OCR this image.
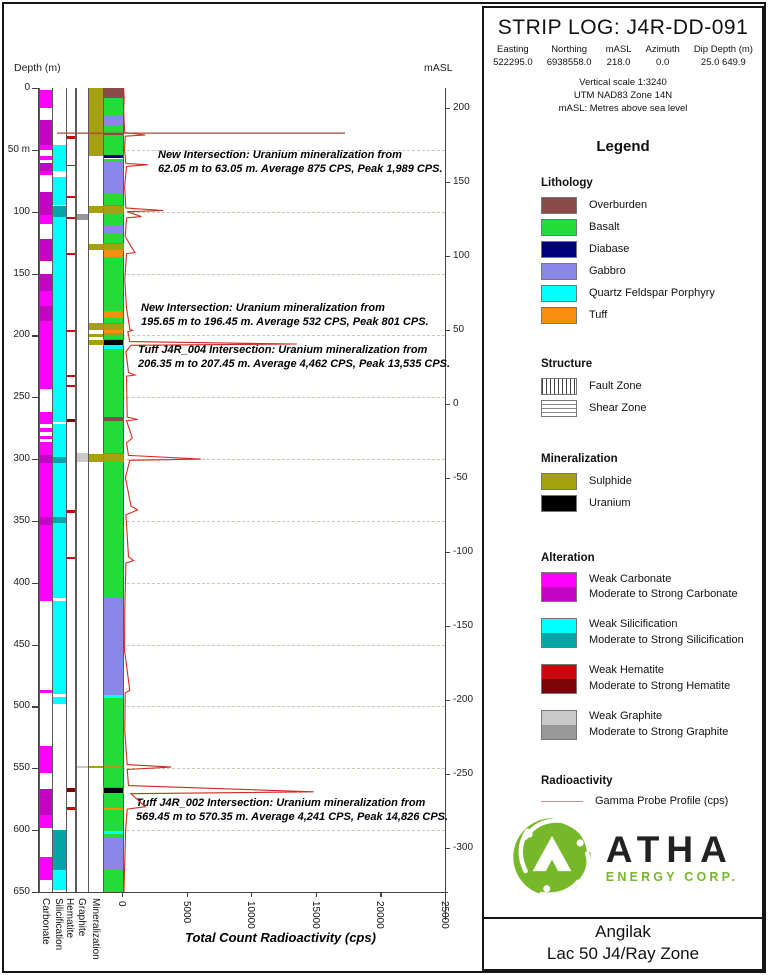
Depth (m)	mASL
0
50 m
100
150
200
250
300
350
400
450
500
550
600
650
200
150
100
50
0
-50
-100
-150
-200
-250
-300
0	5000	10000	15000	20000	25000
Carbonate Silicification Hematite Graphite Mineralization
New Intersection: Uranium mineralization from
62.05 m to 63.05 m. Average 875 CPS, Peak 1,989 CPS.
New Intersection: Uranium mineralization from
195.65 m to 196.45 m. Average 532 CPS, Peak 801 CPS.
Tuff J4R_004 Intersection: Uranium mineralization from
206.35 m to 207.45 m. Average 4,462 CPS, Peak 13,535 CPS.
Tuff J4R_002 Intersection: Uranium mineralization from
569.45 m to 570.35 m. Average 4,241 CPS, Peak 14,826 CPS.
Total Count Radioactivity (cps)
STRIP LOG: J4R-DD-091
Easting
522295.0
Northing
6938558.0
mASL
218.0
Azimuth
0.0
Dip Depth (m)
25.0 649.9
Vertical scale 1:3240
UTM NAD83 Zone 14N
mASL: Metres above sea level
Legend
Lithology
Overburden
Basalt
Diabase
Gabbro
Quartz Feldspar Porphyry
Tuff
Structure
Fault Zone
Shear Zone
Mineralization
Sulphide
Uranium
Alteration
Weak Carbonate
Moderate to Strong Carbonate
Weak Silicification
Moderate to Strong Silicification
Weak Hematite
Moderate to Strong Hematite
Weak Graphite
Moderate to Strong Graphite
Radioactivity
Gamma Probe Profile (cps)
ATHA
ENERGY CORP.
Angilak
Lac 50 J4/Ray Zone
